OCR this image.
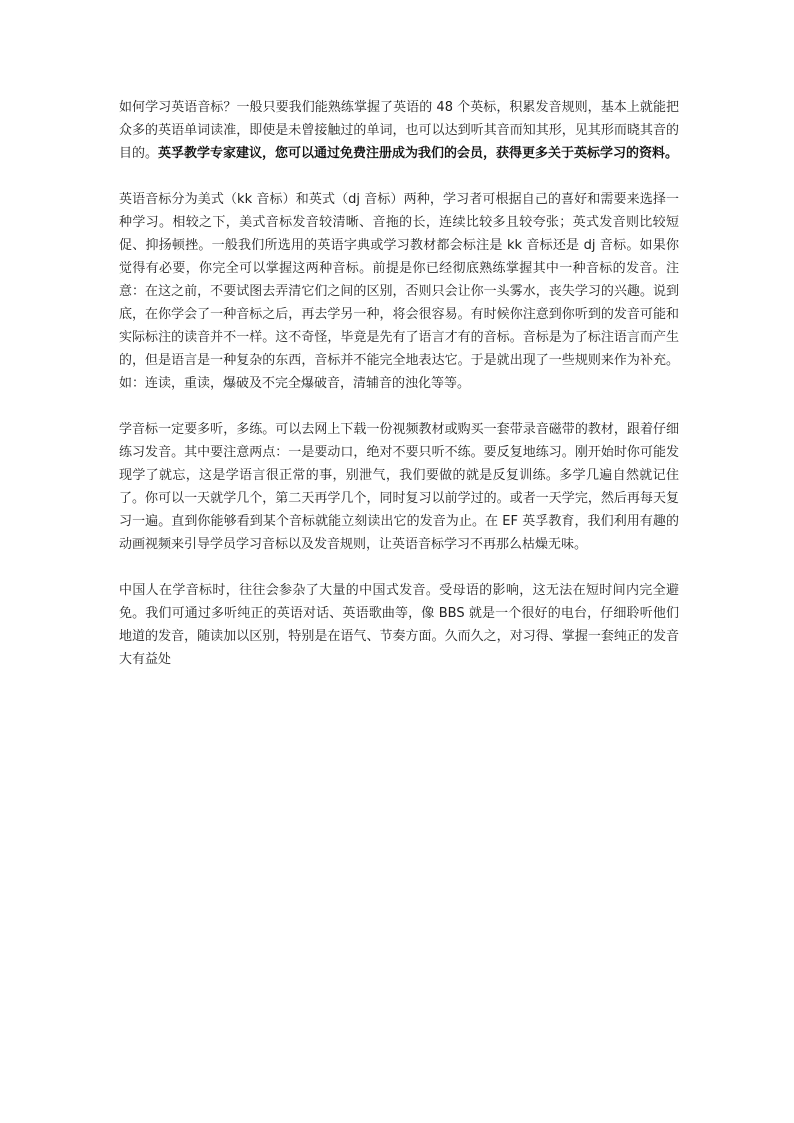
如何学习英语音标？一般只要我们能熟练掌握了英语的 48 个英标，积累发音规则，基本上就能把众多的英语单词读准，即使是未曾接触过的单词，也可以达到听其音而知其形，见其形而晓其音的目的。英孚教学专家建议，您可以通过免费注册成为我们的会员，获得更多关于英标学习的资料。

英语音标分为美式（kk 音标）和英式（dj 音标）两种，学习者可根据自己的喜好和需要来选择一种学习。相较之下，美式音标发音较清晰、音拖的长，连续比较多且较夸张；英式发音则比较短促、抑扬顿挫。一般我们所选用的英语字典或学习教材都会标注是 kk 音标还是 dj 音标。如果你觉得有必要，你完全可以掌握这两种音标。前提是你已经彻底熟练掌握其中一种音标的发音。注意：在这之前，不要试图去弄清它们之间的区别，否则只会让你一头雾水，丧失学习的兴趣。说到底，在你学会了一种音标之后，再去学另一种，将会很容易。有时候你注意到你听到的发音可能和实际标注的读音并不一样。这不奇怪，毕竟是先有了语言才有的音标。音标是为了标注语言而产生的，但是语言是一种复杂的东西，音标并不能完全地表达它。于是就出现了一些规则来作为补充。如：连读，重读，爆破及不完全爆破音，清辅音的浊化等等。

学音标一定要多听，多练。可以去网上下载一份视频教材或购买一套带录音磁带的教材，跟着仔细练习发音。其中要注意两点：一是要动口，绝对不要只听不练。要反复地练习。刚开始时你可能发现学了就忘，这是学语言很正常的事，别泄气，我们要做的就是反复训练。多学几遍自然就记住了。你可以一天就学几个，第二天再学几个，同时复习以前学过的。或者一天学完，然后再每天复习一遍。直到你能够看到某个音标就能立刻读出它的发音为止。在 EF 英孚教育，我们利用有趣的动画视频来引导学员学习音标以及发音规则，让英语音标学习不再那么枯燥无味。

中国人在学音标时，往往会参杂了大量的中国式发音。受母语的影响，这无法在短时间内完全避免。我们可通过多听纯正的英语对话、英语歌曲等，像 BBS 就是一个很好的电台，仔细聆听他们地道的发音，随读加以区别，特别是在语气、节奏方面。久而久之，对习得、掌握一套纯正的发音大有益处
